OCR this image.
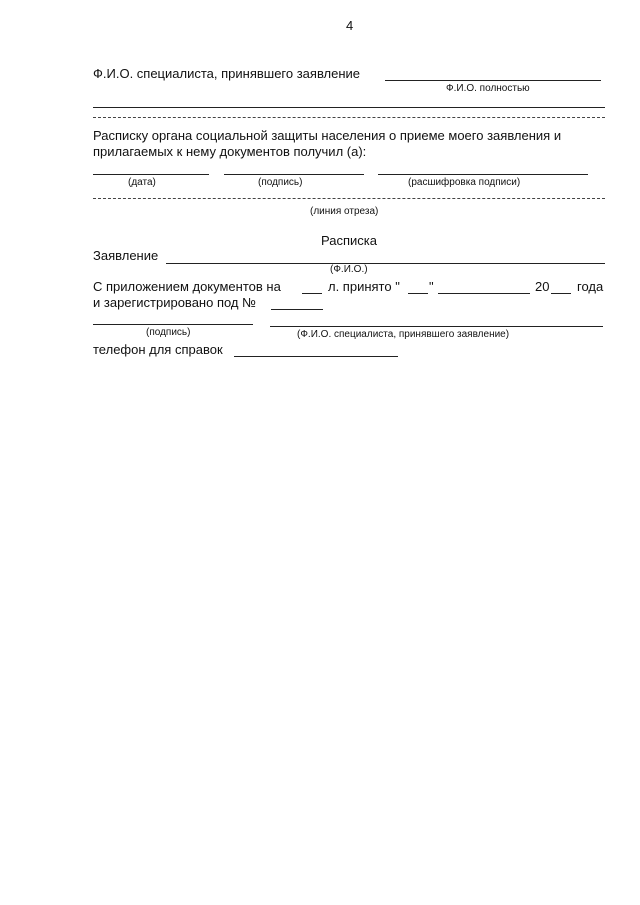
4
Ф.И.О. специалиста, принявшего заявление
Ф.И.О. полностью
Расписку органа социальной защиты населения о приеме моего заявления и
прилагаемых к нему документов получил (а):
(дата)	(подпись)	(расшифровка подписи)
(линия отреза)
Расписка
Заявление
(Ф.И.О.)
С приложением документов на	л. принято " "	20 года
и зарегистрировано под №
(подпись)	(Ф.И.О. специалиста, принявшего заявление)
телефон для справок
